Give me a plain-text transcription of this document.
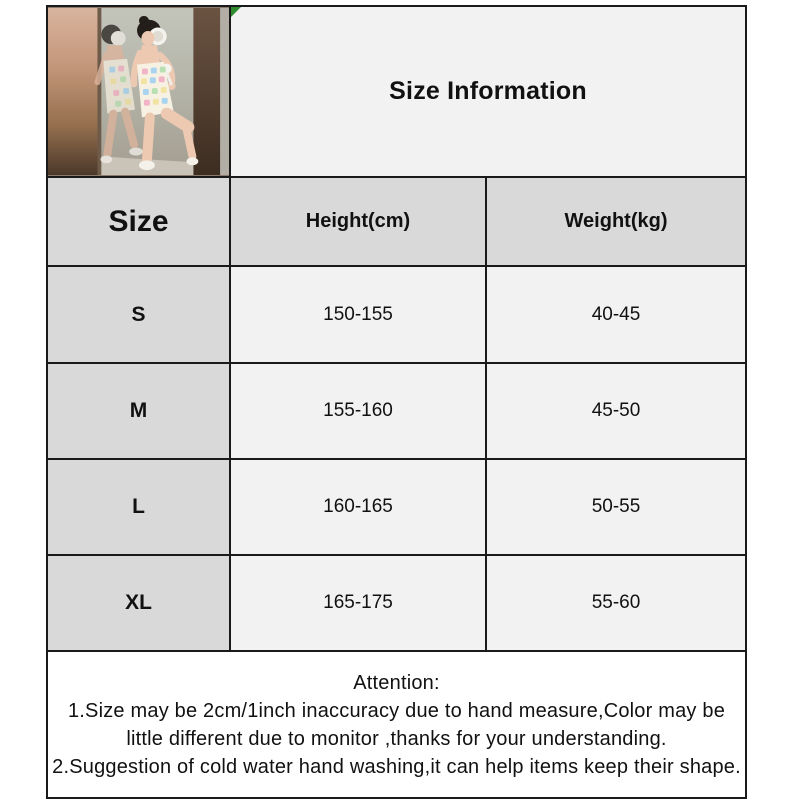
Size Information	
Size	Height(cm)	Weight(kg)
S	150-155	40-45
M	155-160	45-50
L	160-165	50-55
XL	165-175	55-60

Attention:
1.Size may be 2cm/1inch inaccuracy due to hand measure,Color may be little different due to monitor ,thanks for your understanding.
2.Suggestion of cold water hand washing,it can help items keep their shape.		
